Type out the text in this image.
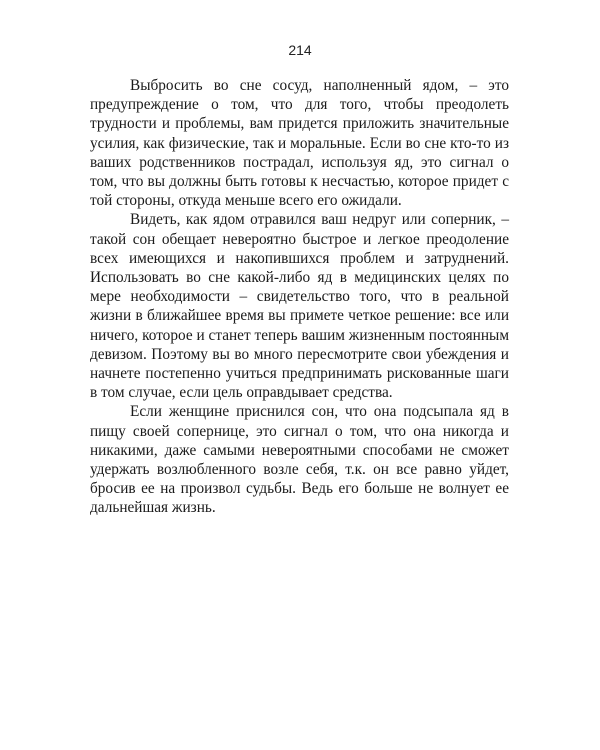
214

Выбросить во сне сосуд, наполненный ядом, – это предупреждение о том, что для того, чтобы преодолеть трудности и проблемы, вам придется приложить значительные усилия, как физические, так и моральные. Если во сне кто-то из ваших родственников пострадал, используя яд, это сигнал о том, что вы должны быть готовы к несчастью, которое придет с той стороны, откуда меньше всего его ожидали.

Видеть, как ядом отравился ваш недруг или соперник, – такой сон обещает невероятно быстрое и легкое преодоление всех имеющихся и накопившихся проблем и затруднений. Использовать во сне какой-либо яд в медицинских целях по мере необходимости – свидетельство того, что в реальной жизни в ближайшее время вы примете четкое решение: все или ничего, которое и станет теперь вашим жизненным постоянным девизом. Поэтому вы во много пересмотрите свои убеждения и начнете постепенно учиться предпринимать рискованные шаги в том случае, если цель оправдывает средства.

Если женщине приснился сон, что она подсыпала яд в пищу своей сопернице, это сигнал о том, что она никогда и никакими, даже самыми невероятными способами не сможет удержать возлюбленного возле себя, т.к. он все равно уйдет, бросив ее на произвол судьбы. Ведь его больше не волнует ее дальнейшая жизнь.
